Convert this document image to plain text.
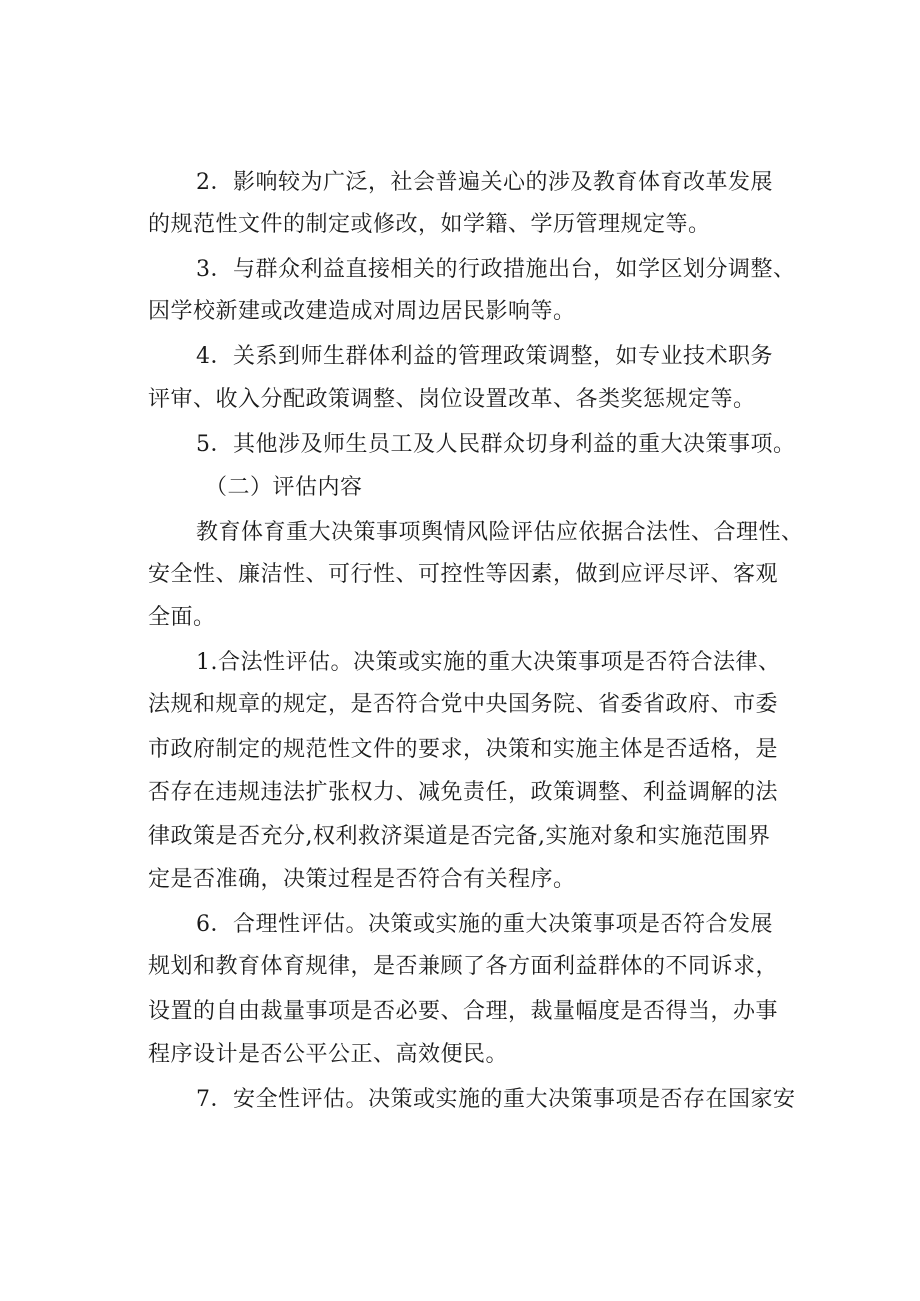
2．影响较为广泛，社会普遍关心的涉及教育体育改革发展
的规范性文件的制定或修改，如学籍、学历管理规定等。
3．与群众利益直接相关的行政措施出台，如学区划分调整、
因学校新建或改建造成对周边居民影响等。
4．关系到师生群体利益的管理政策调整，如专业技术职务
评审、收入分配政策调整、岗位设置改革、各类奖惩规定等。
5．其他涉及师生员工及人民群众切身利益的重大决策事项。
（二）评估内容
教育体育重大决策事项舆情风险评估应依据合法性、合理性、
安全性、廉洁性、可行性、可控性等因素，做到应评尽评、客观
全面。
1.合法性评估。决策或实施的重大决策事项是否符合法律、
法规和规章的规定，是否符合党中央国务院、省委省政府、市委
市政府制定的规范性文件的要求，决策和实施主体是否适格，是
否存在违规违法扩张权力、减免责任，政策调整、利益调解的法
律政策是否充分,权利救济渠道是否完备,实施对象和实施范围界
定是否准确，决策过程是否符合有关程序。
6．合理性评估。决策或实施的重大决策事项是否符合发展
规划和教育体育规律，是否兼顾了各方面利益群体的不同诉求，
设置的自由裁量事项是否必要、合理，裁量幅度是否得当，办事
程序设计是否公平公正、高效便民。
7．安全性评估。决策或实施的重大决策事项是否存在国家安
